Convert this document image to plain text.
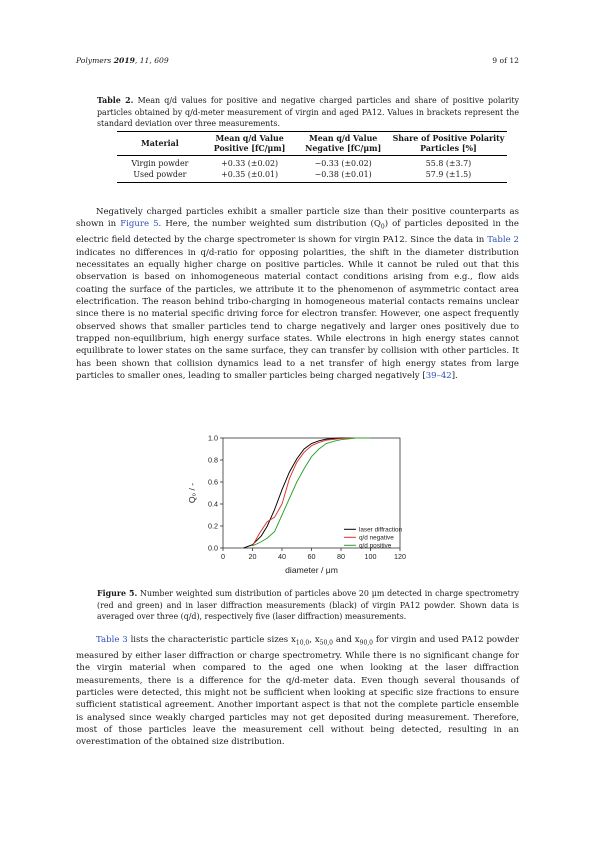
Polymers 2019, 11, 609	9 of 12
Table 2. Mean q/d values for positive and negative charged particles and share of positive polarity particles obtained by q/d-meter measurement of virgin and aged PA12. Values in brackets represent the standard deviation over three measurements.
Material	Mean q/d Value Positive [fC/μm]	Mean q/d Value Negative [fC/μm]	Share of Positive Polarity Particles [%]
Virgin powder	+0.33 (±0.02)	−0.33 (±0.02)	55.8 (±3.7)
Used powder	+0.35 (±0.01)	−0.38 (±0.01)	57.9 (±1.5)
Negatively charged particles exhibit a smaller particle size than their positive counterparts as shown in Figure 5. Here, the number weighted sum distribution $(Q_0)$ of particles deposited in the electric field detected by the charge spectrometer is shown for virgin PA12. Since the data in Table 2 indicates no differences in q/d-ratio for opposing polarities, the shift in the diameter distribution necessitates an equally higher charge on positive particles. While it cannot be ruled out that this observation is based on inhomogeneous material contact conditions arising from e.g., flow aids coating the surface of the particles, we attribute it to the phenomenon of asymmetric contact area electrification. The reason behind tribo-charging in homogeneous material contacts remains unclear since there is no material specific driving force for electron transfer. However, one aspect frequently observed shows that smaller particles tend to charge negatively and larger ones positively due to trapped non-equilibrium, high energy surface states. While electrons in high energy states cannot equilibrate to lower states on the same surface, they can transfer by collision with other particles. It has been shown that collision dynamics lead to a net transfer of high energy states from large particles to smaller ones, leading to smaller particles being charged negatively [39–42].
0	20	40	60	80	100 120
0.0
0.2
0.4
0.6
0.8
1.0
diameter / μm
Q₀ / -
laser diffraction
q/d negative
q/d positive
Figure 5. Number weighted sum distribution of particles above 20 μm detected in charge spectrometry (red and green) and in laser diffraction measurements (black) of virgin PA12 powder. Shown data is averaged over three (q/d), respectively five (laser diffraction) measurements.
Table 3 lists the characteristic particle sizes $x_{10,0}$, $x_{50,0}$ and $x_{90,0}$ for virgin and used PA12 powder measured by either laser diffraction or charge spectrometry. While there is no significant change for the virgin material when compared to the aged one when looking at the laser diffraction measurements, there is a difference for the q/d-meter data. Even though several thousands of particles were detected, this might not be sufficient when looking at specific size fractions to ensure sufficient statistical agreement. Another important aspect is that not the complete particle ensemble is analysed since weakly charged particles may not get deposited during measurement. Therefore, most of those particles leave the measurement cell without being detected, resulting in an overestimation of the obtained size distribution.
